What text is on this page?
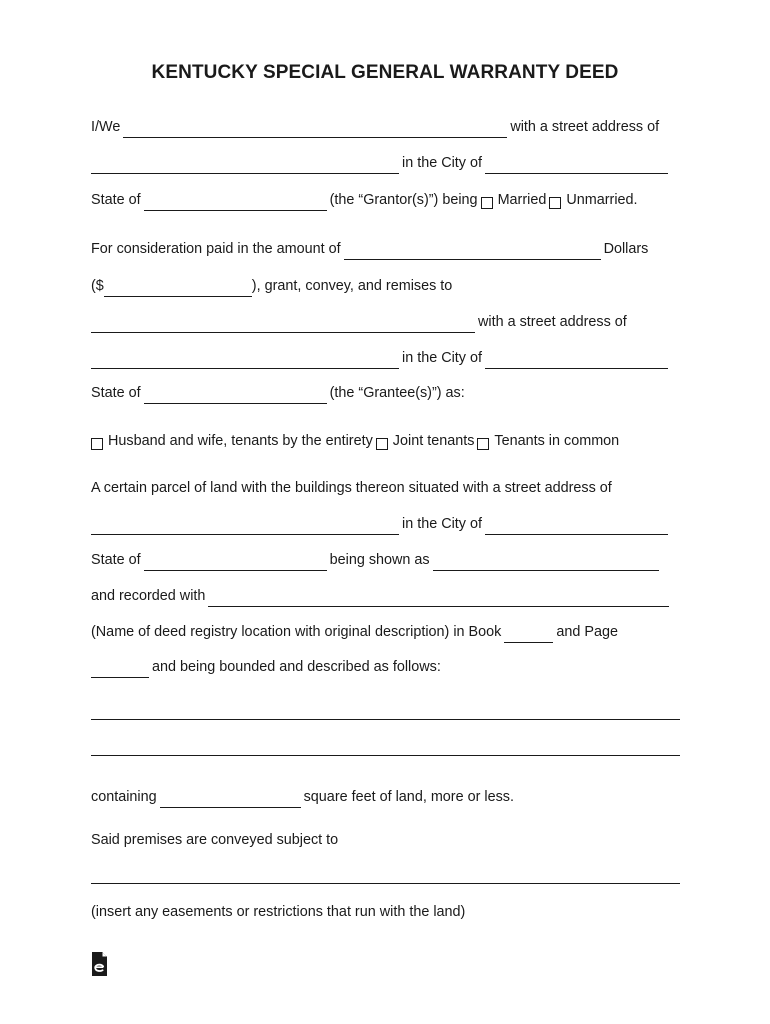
KENTUCKY SPECIAL GENERAL WARRANTY DEED
I/We	with a street address of
in the City of
State of	(the “Grantor(s)”) being Married Unmarried.
For consideration paid in the amount of	Dollars
($	), grant, convey, and remises to
with a street address of
in the City of
State of	(the “Grantee(s)”) as:
Husband and wife, tenants by the entirety Joint tenants Tenants in common
A certain parcel of land with the buildings thereon situated with a street address of
in the City of
State of	being shown as
and recorded with
(Name of deed registry location with original description) in Book	and Page
and being bounded and described as follows:
containing	square feet of land, more or less.
Said premises are conveyed subject to
(insert any easements or restrictions that run with the land)
